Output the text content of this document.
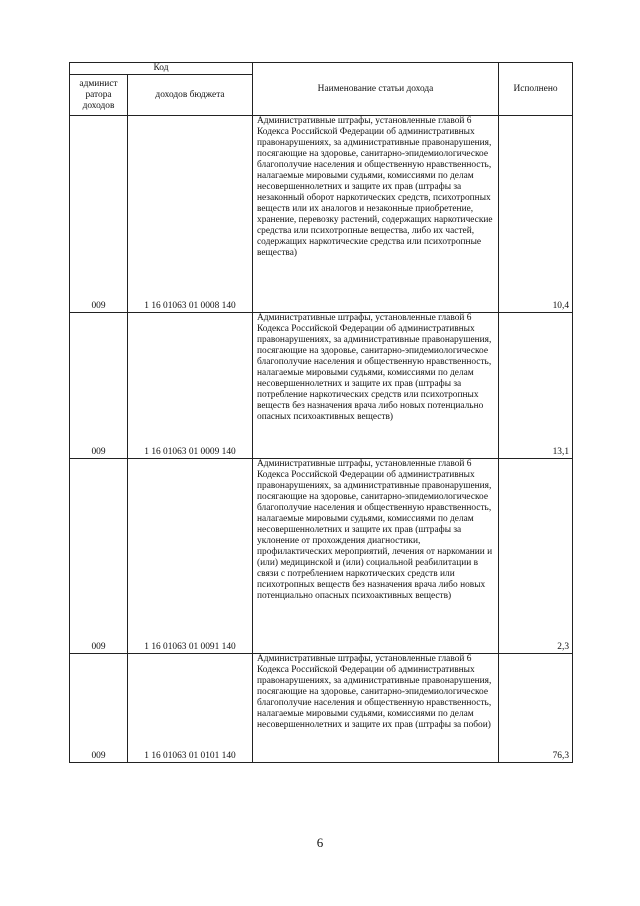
Код		Наименование статьи дохода	Исполнено
админист ратора доходов	доходов бюджета		
009	1 16 01063 01 0008 140	Административные штрафы, установленные главой 6 Кодекса Российской Федерации об административных правонарушениях, за административные правонарушения, посягающие на здоровье, санитарно-эпидемиологическое благополучие населения и общественную нравственность, налагаемые мировыми судьями, комиссиями по делам несовершеннолетних и защите их прав (штрафы за незаконный оборот наркотических средств, психотропных веществ или их аналогов и незаконные приобретение, хранение, перевозку растений, содержащих наркотические средства или психотропные вещества, либо их частей, содержащих наркотические средства или психотропные вещества)	10,4
009	1 16 01063 01 0009 140	Административные штрафы, установленные главой 6 Кодекса Российской Федерации об административных правонарушениях, за административные правонарушения, посягающие на здоровье, санитарно-эпидемиологическое благополучие населения и общественную нравственность, налагаемые мировыми судьями, комиссиями по делам несовершеннолетних и защите их прав (штрафы за потребление наркотических средств или психотропных веществ без назначения врача либо новых потенциально опасных психоактивных веществ)	13,1
009	1 16 01063 01 0091 140	Административные штрафы, установленные главой 6 Кодекса Российской Федерации об административных правонарушениях, за административные правонарушения, посягающие на здоровье, санитарно-эпидемиологическое благополучие населения и общественную нравственность, налагаемые мировыми судьями, комиссиями по делам несовершеннолетних и защите их прав (штрафы за уклонение от прохождения диагностики, профилактических мероприятий, лечения от наркомании и (или) медицинской и (или) социальной реабилитации в связи с потреблением наркотических средств или психотропных веществ без назначения врача либо новых потенциально опасных психоактивных веществ)	2,3
009	1 16 01063 01 0101 140	Административные штрафы, установленные главой 6 Кодекса Российской Федерации об административных правонарушениях, за административные правонарушения, посягающие на здоровье, санитарно-эпидемиологическое благополучие населения и общественную нравственность, налагаемые мировыми судьями, комиссиями по делам несовершеннолетних и защите их прав (штрафы за побои)	76,3
6
